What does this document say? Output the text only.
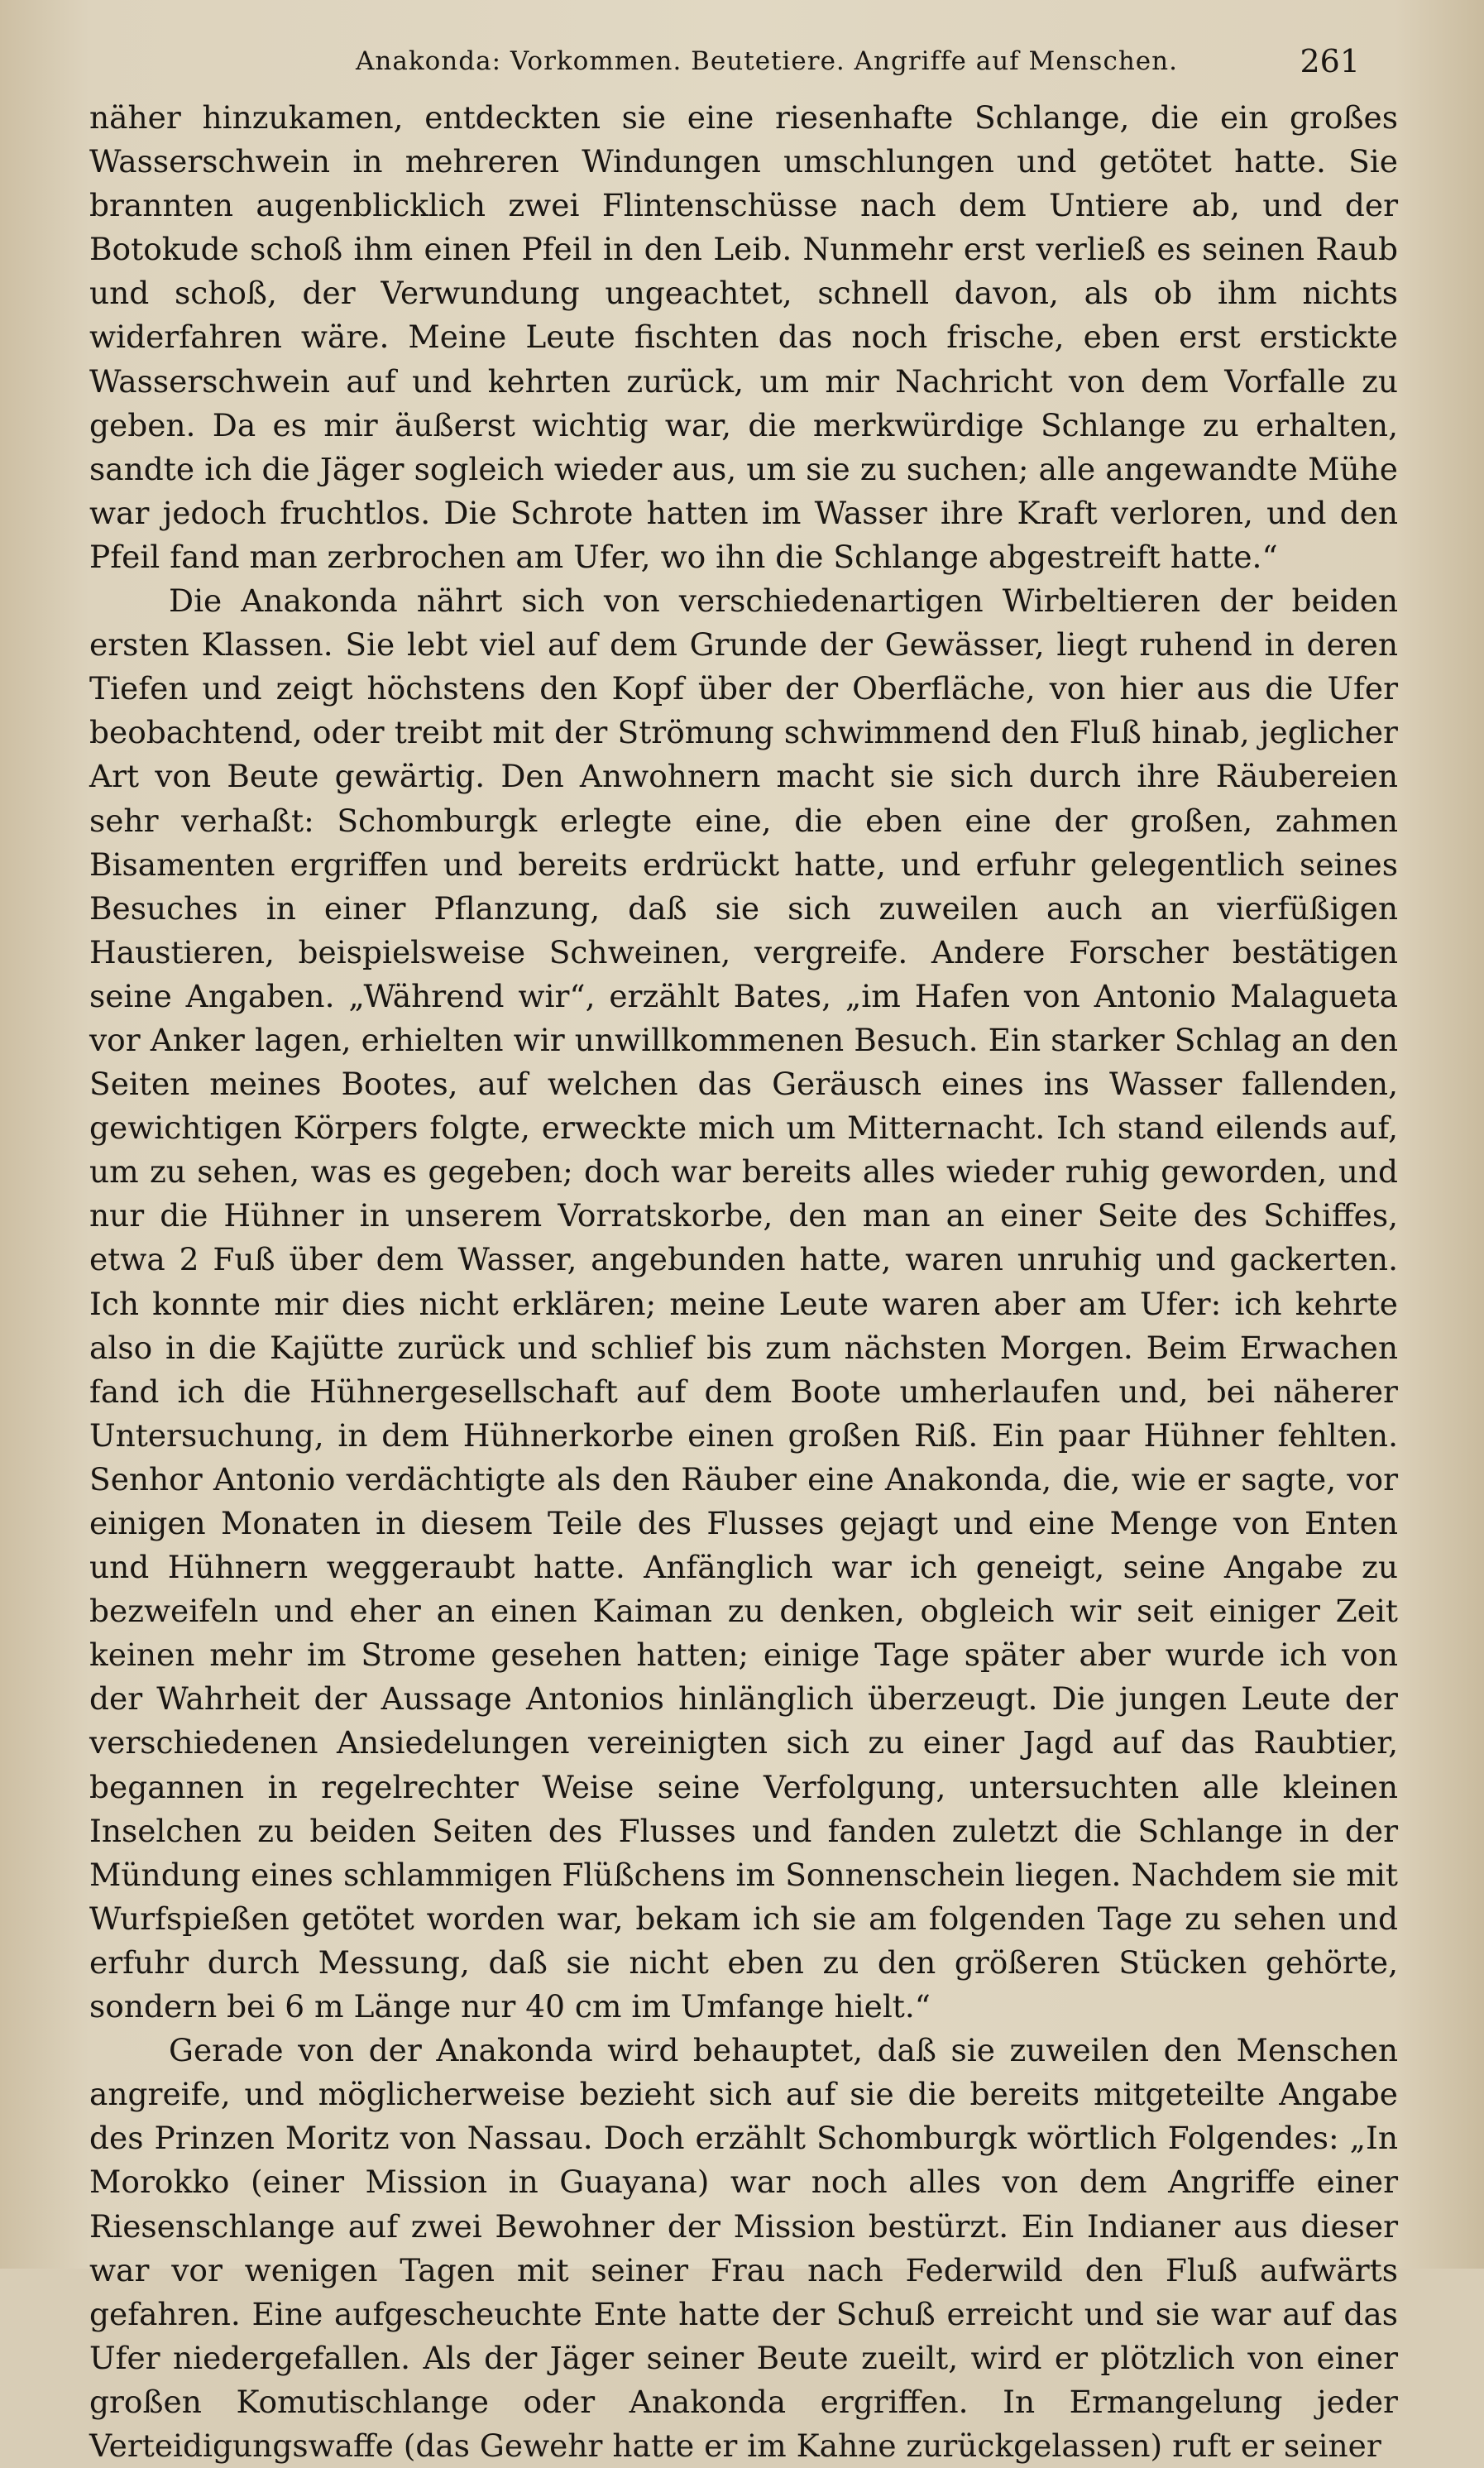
Anakonda: Vorkommen. Beutetiere. Angriffe auf Menschen.	261

näher hinzukamen, entdeckten sie eine riesenhafte Schlange, die ein großes Wasserschwein in mehreren Windungen umschlungen und getötet hatte. Sie brannten augenblicklich zwei Flintenschüsse nach dem Untiere ab, und der Botokude schoß ihm einen Pfeil in den Leib. Nunmehr erst verließ es seinen Raub und schoß, der Verwundung ungeachtet, schnell davon, als ob ihm nichts widerfahren wäre. Meine Leute fischten das noch frische, eben erst erstickte Wasserschwein auf und kehrten zurück, um mir Nachricht von dem Vorfalle zu geben. Da es mir äußerst wichtig war, die merkwürdige Schlange zu erhalten, sandte ich die Jäger sogleich wieder aus, um sie zu suchen; alle angewandte Mühe war jedoch fruchtlos. Die Schrote hatten im Wasser ihre Kraft verloren, und den Pfeil fand man zerbrochen am Ufer, wo ihn die Schlange abgestreift hatte.“

Die Anakonda nährt sich von verschiedenartigen Wirbeltieren der beiden ersten Klassen. Sie lebt viel auf dem Grunde der Gewässer, liegt ruhend in deren Tiefen und zeigt höchstens den Kopf über der Oberfläche, von hier aus die Ufer beobachtend, oder treibt mit der Strömung schwimmend den Fluß hinab, jeglicher Art von Beute gewärtig. Den Anwohnern macht sie sich durch ihre Räubereien sehr verhaßt: Schomburgk erlegte eine, die eben eine der großen, zahmen Bisamenten ergriffen und bereits erdrückt hatte, und erfuhr gelegentlich seines Besuches in einer Pflanzung, daß sie sich zuweilen auch an vierfüßigen Haustieren, beispielsweise Schweinen, vergreife. Andere Forscher bestätigen seine Angaben. „Während wir“, erzählt Bates, „im Hafen von Antonio Malagueta vor Anker lagen, erhielten wir unwillkommenen Besuch. Ein starker Schlag an den Seiten meines Bootes, auf welchen das Geräusch eines ins Wasser fallenden, gewichtigen Körpers folgte, erweckte mich um Mitternacht. Ich stand eilends auf, um zu sehen, was es gegeben; doch war bereits alles wieder ruhig geworden, und nur die Hühner in unserem Vorratskorbe, den man an einer Seite des Schiffes, etwa 2 Fuß über dem Wasser, angebunden hatte, waren unruhig und gackerten. Ich konnte mir dies nicht erklären; meine Leute waren aber am Ufer: ich kehrte also in die Kajütte zurück und schlief bis zum nächsten Morgen. Beim Erwachen fand ich die Hühnergesellschaft auf dem Boote umherlaufen und, bei näherer Untersuchung, in dem Hühnerkorbe einen großen Riß. Ein paar Hühner fehlten. Senhor Antonio verdächtigte als den Räuber eine Anakonda, die, wie er sagte, vor einigen Monaten in diesem Teile des Flusses gejagt und eine Menge von Enten und Hühnern weggeraubt hatte. Anfänglich war ich geneigt, seine Angabe zu bezweifeln und eher an einen Kaiman zu denken, obgleich wir seit einiger Zeit keinen mehr im Strome gesehen hatten; einige Tage später aber wurde ich von der Wahrheit der Aussage Antonios hinlänglich überzeugt. Die jungen Leute der verschiedenen Ansiedelungen vereinigten sich zu einer Jagd auf das Raubtier, begannen in regelrechter Weise seine Verfolgung, untersuchten alle kleinen Inselchen zu beiden Seiten des Flusses und fanden zuletzt die Schlange in der Mündung eines schlammigen Flüßchens im Sonnenschein liegen. Nachdem sie mit Wurfspießen getötet worden war, bekam ich sie am folgenden Tage zu sehen und erfuhr durch Messung, daß sie nicht eben zu den größeren Stücken gehörte, sondern bei 6 m Länge nur 40 cm im Umfange hielt.“

Gerade von der Anakonda wird behauptet, daß sie zuweilen den Menschen angreife, und möglicherweise bezieht sich auf sie die bereits mitgeteilte Angabe des Prinzen Moritz von Nassau. Doch erzählt Schomburgk wörtlich Folgendes: „In Morokko (einer Mission in Guayana) war noch alles von dem Angriffe einer Riesenschlange auf zwei Bewohner der Mission bestürzt. Ein Indianer aus dieser war vor wenigen Tagen mit seiner Frau nach Federwild den Fluß aufwärts gefahren. Eine aufgescheuchte Ente hatte der Schuß erreicht und sie war auf das Ufer niedergefallen. Als der Jäger seiner Beute zueilt, wird er plötzlich von einer großen Komutischlange oder Anakonda ergriffen. In Ermangelung jeder Verteidigungswaffe (das Gewehr hatte er im Kahne zurückgelassen) ruft er seiner
